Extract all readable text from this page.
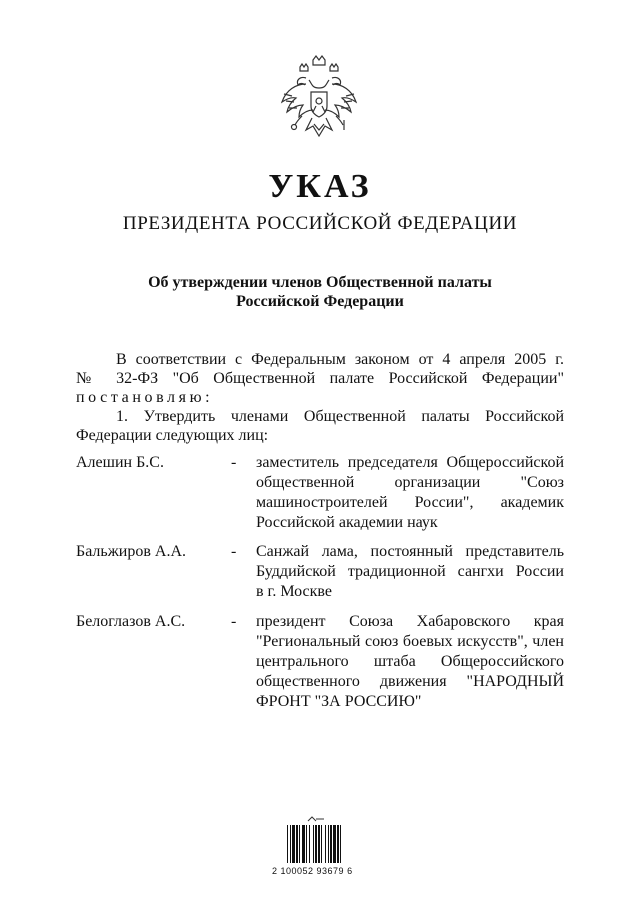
УКАЗ
ПРЕЗИДЕНТА РОССИЙСКОЙ ФЕДЕРАЦИИ
Об утверждении членов Общественной палаты
Российской Федерации
В соответствии с Федеральным законом от 4 апреля 2005 г.
№ 32-ФЗ "Об Общественной палате Российской Федерации"
постановляю:
1. Утвердить членами Общественной палаты Российской
Федерации следующих лиц:
Алешин Б.С.	- заместитель председателя Общероссийской
общественной организации "Союз
машиностроителей России", академик
Российской академии наук
Бальжиров А.А.	- Санжай лама, постоянный представитель
Буддийской традиционной сангхи России
в г. Москве
Белоглазов А.С.	- президент Союза Хабаровского края
"Региональный союз боевых искусств", член
центрального штаба Общероссийского
общественного движения "НАРОДНЫЙ
ФРОНТ "ЗА РОССИЮ"
2 100052 93679 6
